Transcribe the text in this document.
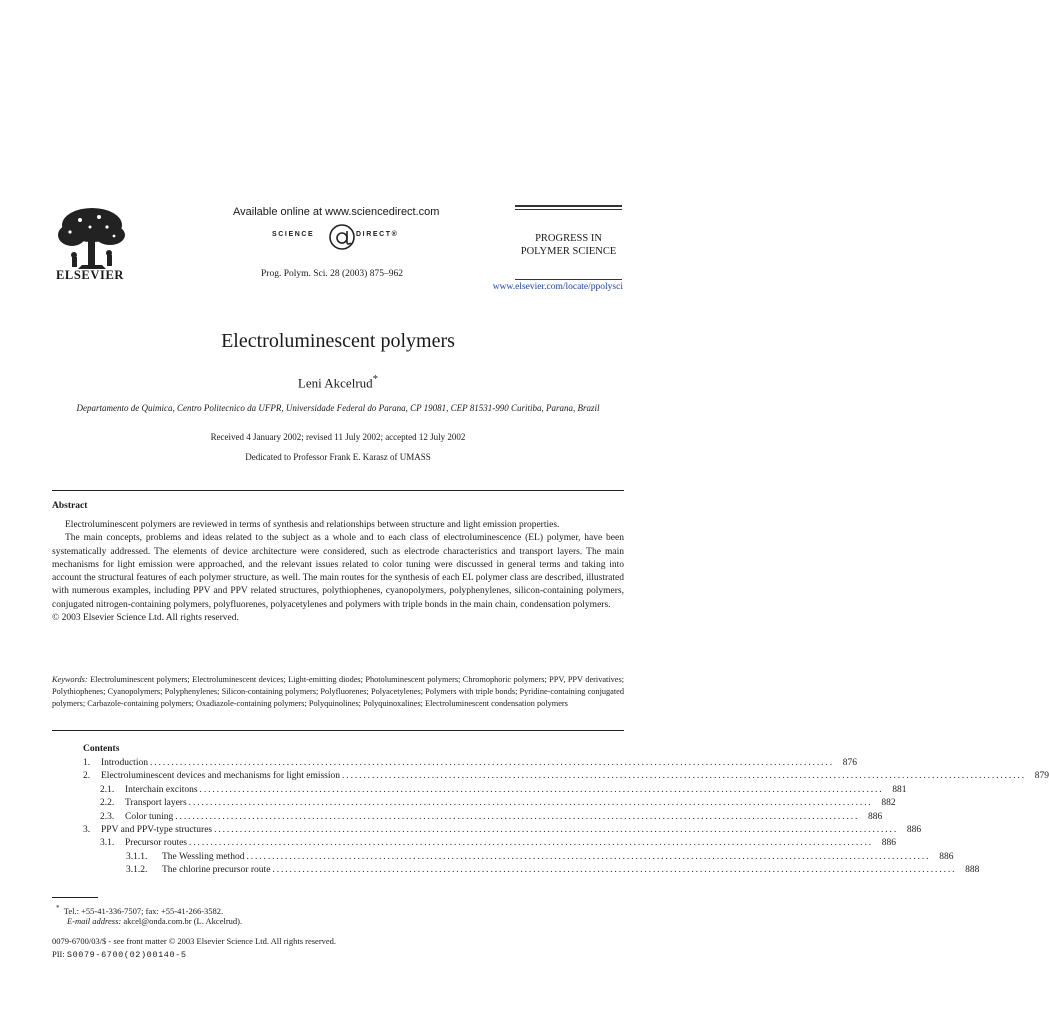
ELSEVIER
Available online at www.sciencedirect.com
SCIENCE	DIRECT®
Prog. Polym. Sci. 28 (2003) 875–962
PROGRESS IN
POLYMER SCIENCE
www.elsevier.com/locate/ppolysci
Electroluminescent polymers
Leni Akcelrud*
Departamento de Quimica, Centro Politecnico da UFPR, Universidade Federal do Parana, CP 19081, CEP 81531-990 Curitiba, Parana, Brazil
Received 4 January 2002; revised 11 July 2002; accepted 12 July 2002
Dedicated to Professor Frank E. Karasz of UMASS
Abstract

Electroluminescent polymers are reviewed in terms of synthesis and relationships between structure and light emission properties.

The main concepts, problems and ideas related to the subject as a whole and to each class of electroluminescence (EL) polymer, have been systematically addressed. The elements of device architecture were considered, such as electrode characteristics and transport layers. The main mechanisms for light emission were approached, and the relevant issues related to color tuning were discussed in general terms and taking into account the structural features of each polymer structure, as well. The main routes for the synthesis of each EL polymer class are described, illustrated with numerous examples, including PPV and PPV related structures, polythiophenes, cyanopolymers, polyphenylenes, silicon-containing polymers, conjugated nitrogen-containing polymers, polyfluorenes, polyacetylenes and polymers with triple bonds in the main chain, condensation polymers.

© 2003 Elsevier Science Ltd. All rights reserved.

Keywords: Electroluminescent polymers; Electroluminescent devices; Light-emitting diodes; Photoluminescent polymers; Chromophoric polymers; PPV, PPV derivatives; Polythiophenes; Cyanopolymers; Polyphenylenes; Silicon-containing polymers; Polyfluorenes; Polyacetylenes; Polymers with triple bonds; Pyridine-containing conjugated polymers; Carbazole-containing polymers; Oxadiazole-containing polymers; Polyquinolines; Polyquinoxalines; Electroluminescent condensation polymers
Contents
1.	Introduction ................................................................................................................................................................ 876
2.	Electroluminescent devices and mechanisms for light emission ................................................................................................................................................................ 879
2.1.	Interchain excitons ................................................................................................................................................................ 881
2.2.	Transport layers ................................................................................................................................................................ 882
2.3.	Color tuning ................................................................................................................................................................ 886
3.	PPV and PPV-type structures ................................................................................................................................................................ 886
3.1.	Precursor routes ................................................................................................................................................................ 886
3.1.1.	The Wessling method ................................................................................................................................................................ 886
3.1.2.	The chlorine precursor route ................................................................................................................................................................ 888
* Tel.: +55-41-336-7507; fax: +55-41-266-3582.
E-mail address: akcel@onda.com.br (L. Akcelrud).
0079-6700/03/$ - see front matter © 2003 Elsevier Science Ltd. All rights reserved.
PII: S0079-6700(02)00140-5
